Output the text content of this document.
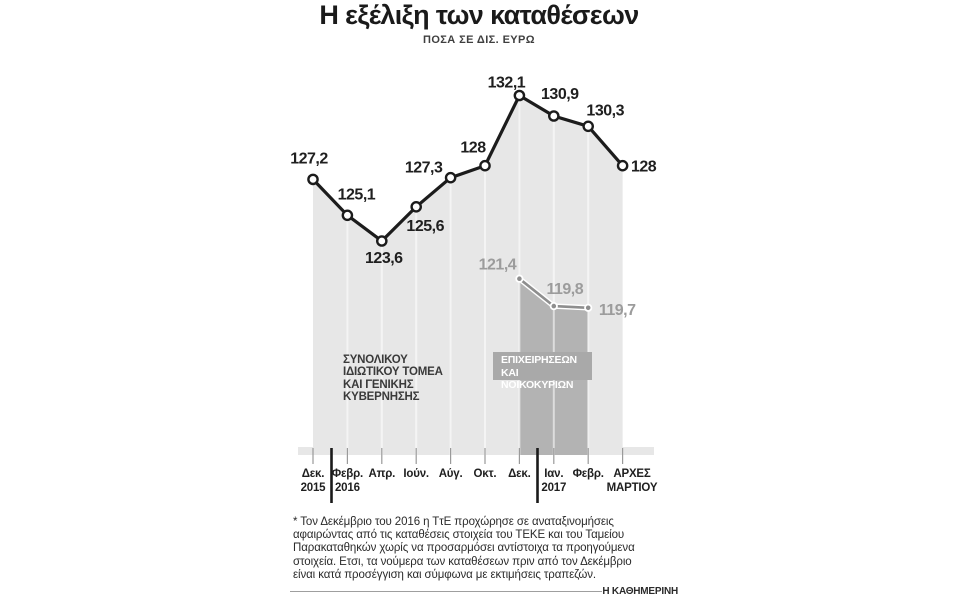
Η εξέλιξη των καταθέσεων
ΠΟΣΑ ΣΕ ΔΙΣ. ΕΥΡΩ
127,2
125,1
123,6
125,6
127,3
128
132,1
130,9
130,3
128
121,4
119,8
119,7
ΣΥΝΟΛΙΚΟΥ
ΙΔΙΩΤΙΚΟΥ ΤΟΜΕΑ
ΚΑΙ ΓΕΝΙΚΗΣ
ΚΥΒΕΡΝΗΣΗΣ
ΕΠΙΧΕΙΡΗΣΕΩΝ
ΚΑΙ ΝΟΙΚΟΚΥΡΙΩΝ
Δεκ.
2015
Φεβρ.
2016
Απρ. Ιούν. Αύγ. Οκτ.	Δεκ.	Ιαν.
2017
Φεβρ. ΑΡΧΕΣ
ΜΑΡΤΙΟΥ
* Τον Δεκέμβριο του 2016 η ΤτΕ προχώρησε σε αναταξινομήσεις
αφαιρώντας από τις καταθέσεις στοιχεία του ΤΕΚΕ και του Ταμείου
Παρακαταθηκών χωρίς να προσαρμόσει αντίστοιχα τα προηγούμενα
στοιχεία. Ετσι, τα νούμερα των καταθέσεων πριν από τον Δεκέμβριο
είναι κατά προσέγγιση και σύμφωνα με εκτιμήσεις τραπεζών.
Η ΚΑΘΗΜΕΡΙΝΗ
